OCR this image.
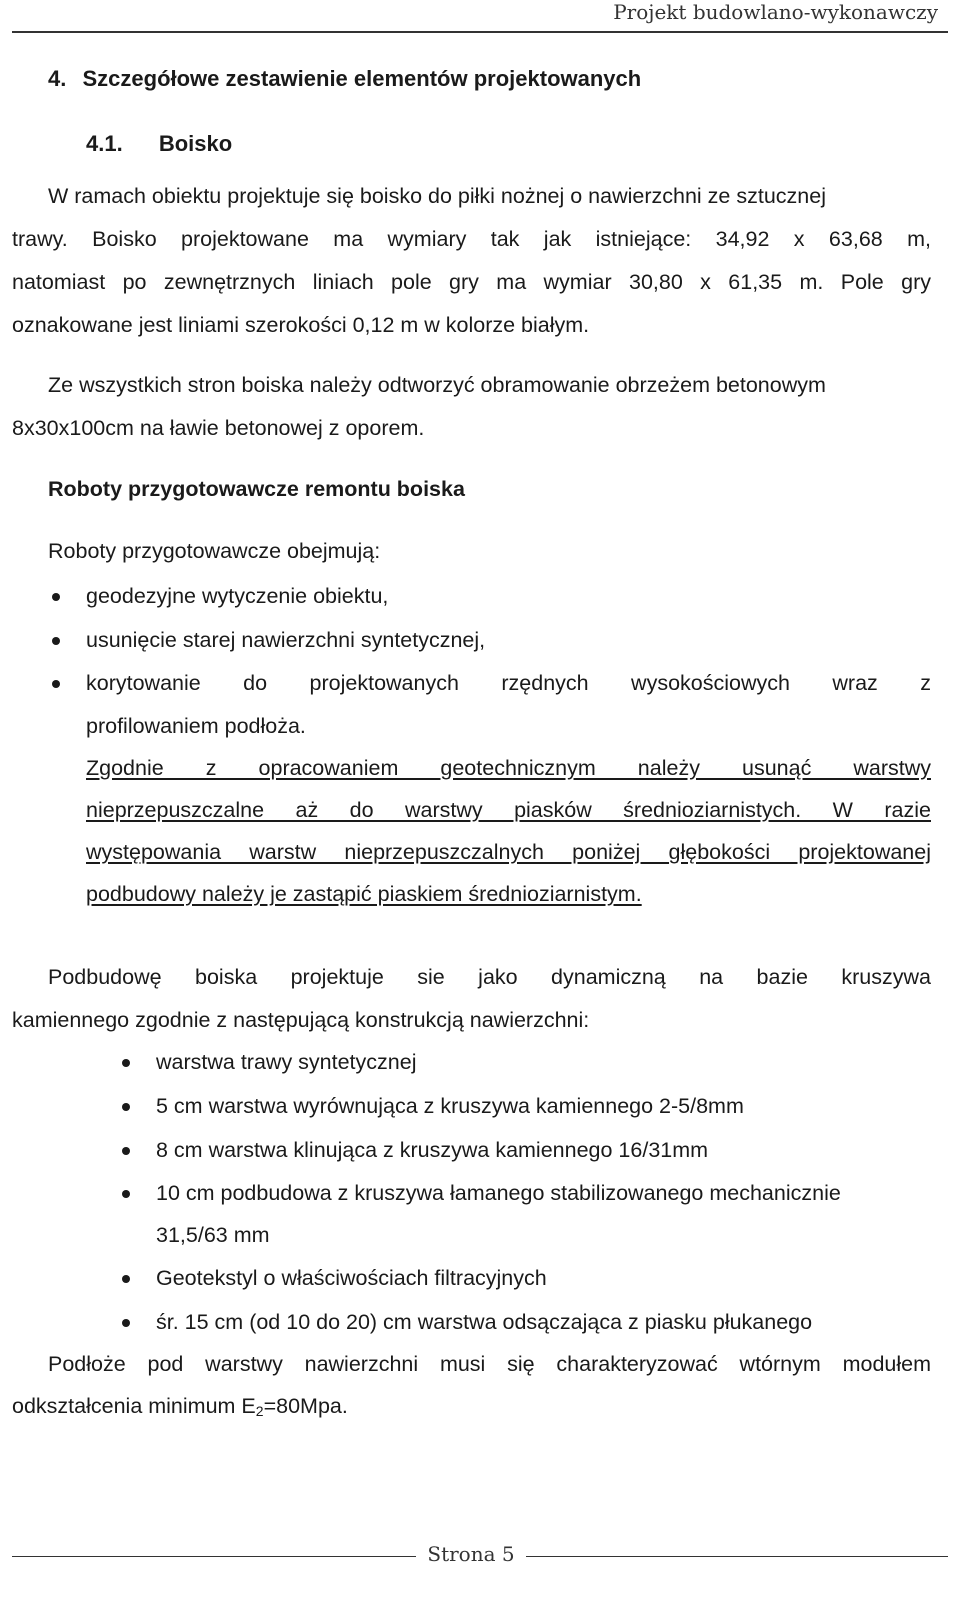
Projekt budowlano-wykonawczy
4. Szczegółowe zestawienie elementów projektowanych
4.1. Boisko
W ramach obiektu projektuje się boisko do piłki nożnej o nawierzchni ze sztucznej
trawy. Boisko projektowane ma wymiary tak jak istniejące: 34,92 x 63,68 m,
natomiast po zewnętrznych liniach pole gry ma wymiar 30,80 x 61,35 m. Pole gry
oznakowane jest liniami szerokości 0,12 m w kolorze białym.
Ze wszystkich stron boiska należy odtworzyć obramowanie obrzeżem betonowym
8x30x100cm na ławie betonowej z oporem.
Roboty przygotowawcze remontu boiska
Roboty przygotowawcze obejmują:
geodezyjne wytyczenie obiektu,
usunięcie starej nawierzchni syntetycznej,
korytowanie do projektowanych rzędnych wysokościowych wraz z
profilowaniem podłoża.
Zgodnie z opracowaniem geotechnicznym należy usunąć warstwy
nieprzepuszczalne aż do warstwy piasków średnioziarnistych. W razie
występowania warstw nieprzepuszczalnych poniżej głębokości projektowanej
podbudowy należy je zastąpić piaskiem średnioziarnistym.
Podbudowę boiska projektuje sie jako dynamiczną na bazie kruszywa
kamiennego zgodnie z następującą konstrukcją nawierzchni:
warstwa trawy syntetycznej
5 cm warstwa wyrównująca z kruszywa kamiennego 2-5/8mm
8 cm warstwa klinująca z kruszywa kamiennego 16/31mm
10 cm podbudowa z kruszywa łamanego stabilizowanego mechanicznie
31,5/63 mm
Geotekstyl o właściwościach filtracyjnych
śr. 15 cm (od 10 do 20) cm warstwa odsączająca z piasku płukanego
Podłoże pod warstwy nawierzchni musi się charakteryzować wtórnym modułem
odkształcenia minimum $E_2=80Mpa$.
Strona 5
